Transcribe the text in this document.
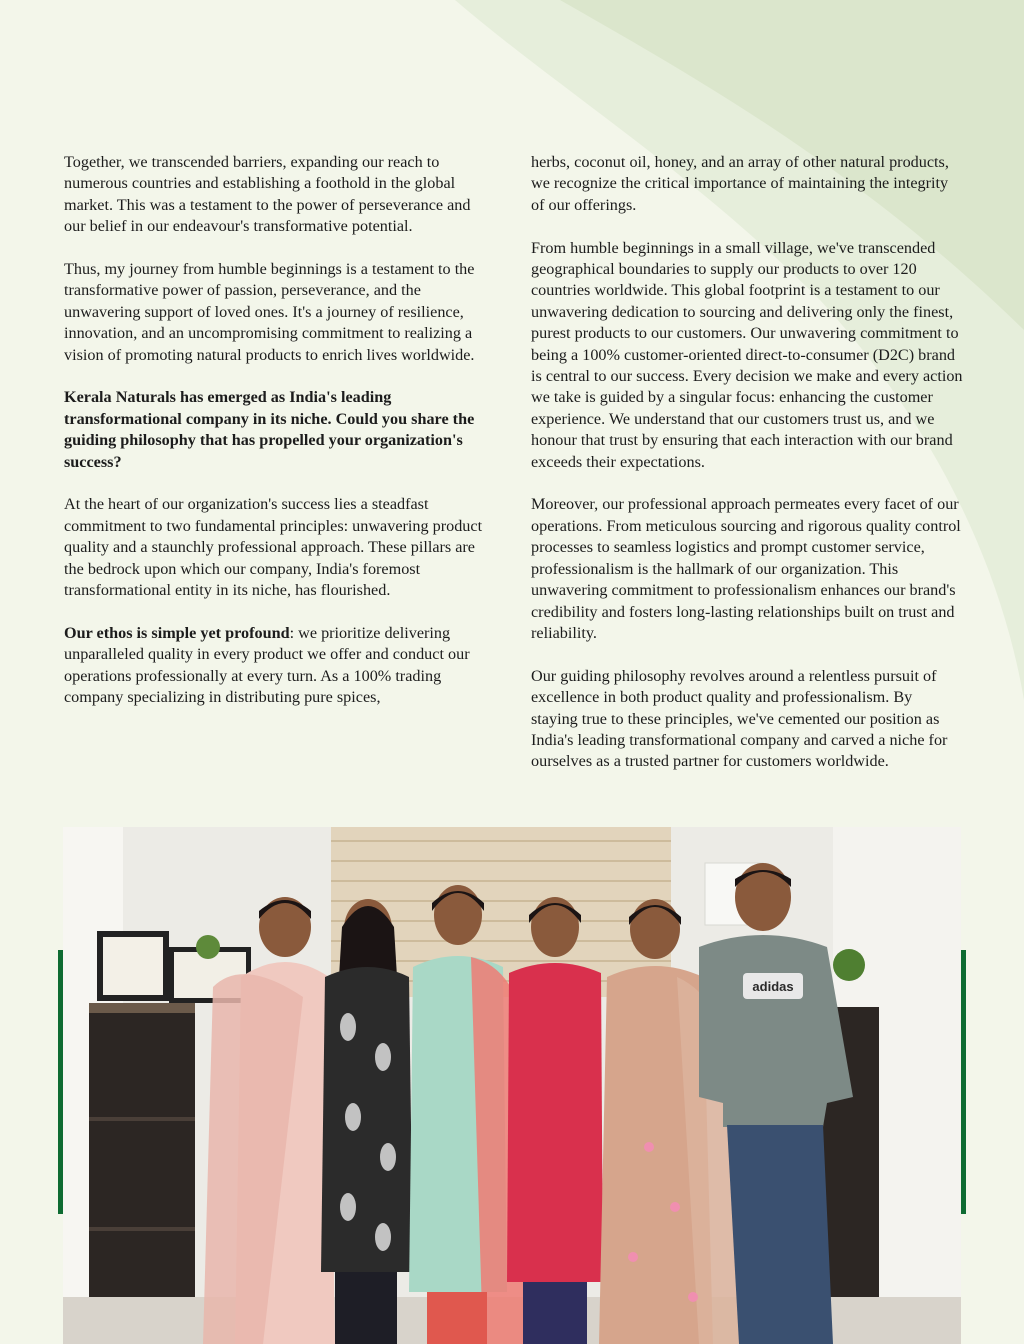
Together, we transcended barriers, expanding our reach to numerous countries and establishing a foothold in the global market. This was a testament to the power of perseverance and our belief in our endeavour's transformative potential.

Thus, my journey from humble beginnings is a testament to the transformative power of passion, perseverance, and the unwavering support of loved ones. It's a journey of resilience, innovation, and an uncompromising commitment to realizing a vision of promoting natural products to enrich lives worldwide.

Kerala Naturals has emerged as India's leading transformational company in its niche. Could you share the guiding philosophy that has propelled your organization's success?

At the heart of our organization's success lies a steadfast commitment to two fundamental principles: unwavering product quality and a staunchly professional approach. These pillars are the bedrock upon which our company, India's foremost transformational entity in its niche, has flourished.

Our ethos is simple yet profound: we prioritize delivering unparalleled quality in every product we offer and conduct our operations professionally at every turn. As a 100% trading company specializing in distributing pure spices,

herbs, coconut oil, honey, and an array of other natural products, we recognize the critical importance of maintaining the integrity of our offerings.

From humble beginnings in a small village, we've transcended geographical boundaries to supply our products to over 120 countries worldwide. This global footprint is a testament to our unwavering dedication to sourcing and delivering only the finest, purest products to our customers. Our unwavering commitment to being a 100% customer-oriented direct-to-consumer (D2C) brand is central to our success. Every decision we make and every action we take is guided by a singular focus: enhancing the customer experience. We understand that our customers trust us, and we honour that trust by ensuring that each interaction with our brand exceeds their expectations.

Moreover, our professional approach permeates every facet of our operations. From meticulous sourcing and rigorous quality control processes to seamless logistics and prompt customer service, professionalism is the hallmark of our organization. This unwavering commitment to professionalism enhances our brand's credibility and fosters long-lasting relationships built on trust and reliability.

Our guiding philosophy revolves around a relentless pursuit of excellence in both product quality and professionalism. By staying true to these principles, we've cemented our position as India's leading transformational company and carved a niche for ourselves as a trusted partner for customers worldwide.

adidas
